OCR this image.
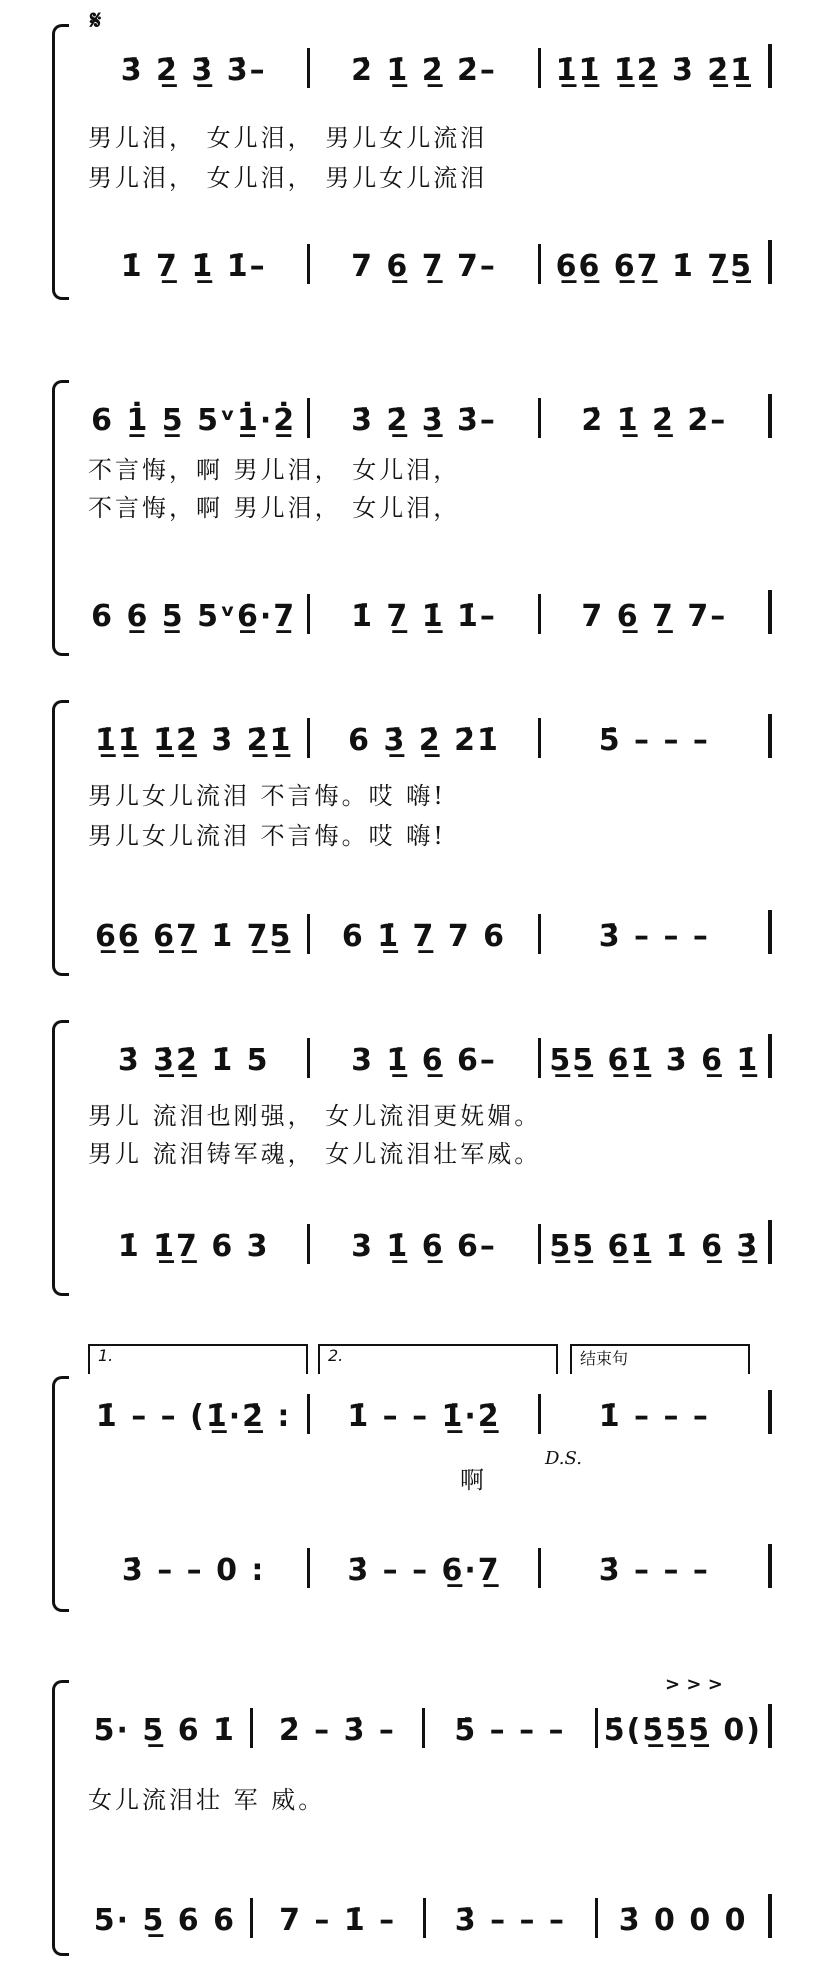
𝄋
3̇ 2̲̇ 3̲̇ 3̇–	2̇ 1̲̇ 2̲̇ 2̇–	1̲̇1̲̇ 1̲̇2̲̇ 3̇ 2̲̇1̲̇
男儿泪， 女儿泪， 男儿女儿流泪
男儿泪， 女儿泪， 男儿女儿流泪
1̇ 7̲ 1̲̇ 1̇–	7 6̲ 7̲ 7–	6̲6̲ 6̲7̲ 1̇ 7̲5̲
6 1̲̇ 5̲ 5ᵛ1̲̇·2̲̇	3̇ 2̲̇ 3̲̇ 3̇–	2̇ 1̲̇ 2̲̇ 2̇–
不言悔，啊 男儿泪， 女儿泪，
不言悔，啊 男儿泪， 女儿泪，
6 6̲ 5̲ 5ᵛ6̲·7̲	1̇ 7̲ 1̲̇ 1̇–	7 6̲ 7̲ 7–
1̲̇1̲̇ 1̲̇2̲̇ 3̇ 2̲̇1̲̇	6 3̲̇ 2̲̇ 2̇1̇	5̇ – – –
男儿女儿流泪 不言悔。哎 嗨!
男儿女儿流泪 不言悔。哎 嗨!
6̲6̲ 6̲7̲ 1̇ 7̲5̲	6 1̲̇ 7̲ 7 6	3̇ – – –
3̇ 3̲̇2̲̇ 1̇ 5	3 1̲̇ 6̲ 6–	5̲5̲ 6̲1̲̇ 3̇ 6̲ 1̲̇
男儿 流泪也刚强， 女儿流泪更妩媚。
男儿 流泪铸军魂， 女儿流泪壮军威。
1̇ 1̲̇7̲ 6 3	3 1̲̇ 6̲ 6–	5̲5̲ 6̲1̲̇ 1̇ 6̲ 3̲̇
1.	2.	结束句
1̇ – – (1̲̇·2̲̇ :	1̇ – – 1̲̇·2̲̇	1̇ – – –
啊
D.S.
3̇ – – 0 :	3̇ – – 6̲·7̲	3̇ – – –
> > >
5· 5̲ 6 1̇	2̇ – 3̇ –	5̇ – – –	5̇(5̲̇5̲̇5̲̇ 0)
女儿流泪壮 军 威。
5· 5̲ 6 6	7 – 1̇ –	3̇ – – –	3̇ 0 0 0
